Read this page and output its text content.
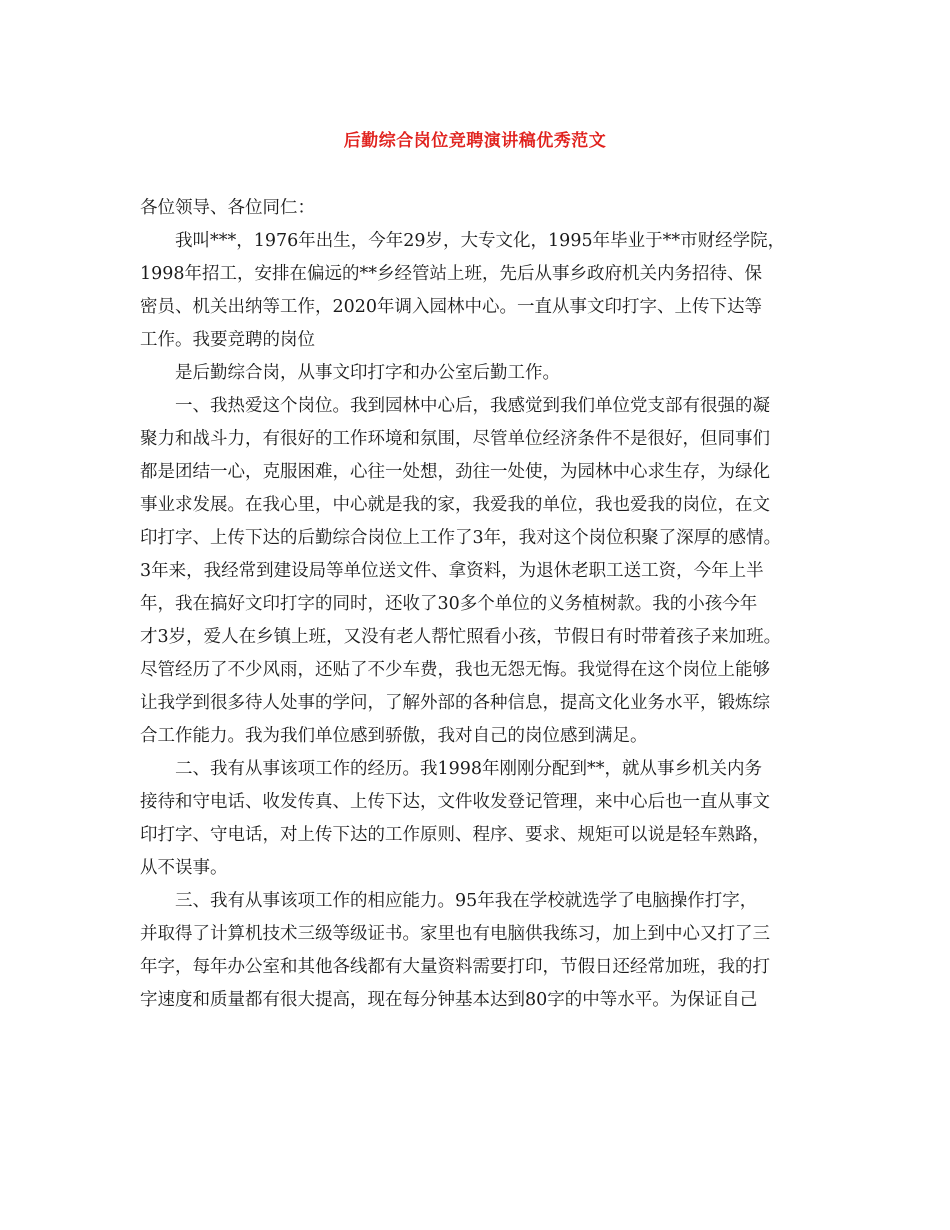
后勤综合岗位竞聘演讲稿优秀范文
各位领导、各位同仁：
我叫***，1976年出生，今年29岁，大专文化，1995年毕业于**市财经学院，
1998年招工，安排在偏远的**乡经管站上班，先后从事乡政府机关内务招待、保
密员、机关出纳等工作，2020年调入园林中心。一直从事文印打字、上传下达等
工作。我要竞聘的岗位
是后勤综合岗，从事文印打字和办公室后勤工作。
一、我热爱这个岗位。我到园林中心后，我感觉到我们单位党支部有很强的凝
聚力和战斗力，有很好的工作环境和氛围，尽管单位经济条件不是很好，但同事们
都是团结一心，克服困难，心往一处想，劲往一处使，为园林中心求生存，为绿化
事业求发展。在我心里，中心就是我的家，我爱我的单位，我也爱我的岗位，在文
印打字、上传下达的后勤综合岗位上工作了3年，我对这个岗位积聚了深厚的感情。
3年来，我经常到建设局等单位送文件、拿资料，为退休老职工送工资，今年上半
年，我在搞好文印打字的同时，还收了30多个单位的义务植树款。我的小孩今年
才3岁，爱人在乡镇上班，又没有老人帮忙照看小孩，节假日有时带着孩子来加班。
尽管经历了不少风雨，还贴了不少车费，我也无怨无悔。我觉得在这个岗位上能够
让我学到很多待人处事的学问，了解外部的各种信息，提高文化业务水平，锻炼综
合工作能力。我为我们单位感到骄傲，我对自己的岗位感到满足。
二、我有从事该项工作的经历。我1998年刚刚分配到**，就从事乡机关内务
接待和守电话、收发传真、上传下达，文件收发登记管理，来中心后也一直从事文
印打字、守电话，对上传下达的工作原则、程序、要求、规矩可以说是轻车熟路，
从不误事。
三、我有从事该项工作的相应能力。95年我在学校就选学了电脑操作打字，
并取得了计算机技术三级等级证书。家里也有电脑供我练习，加上到中心又打了三
年字，每年办公室和其他各线都有大量资料需要打印，节假日还经常加班，我的打
字速度和质量都有很大提高，现在每分钟基本达到80字的中等水平。为保证自己
